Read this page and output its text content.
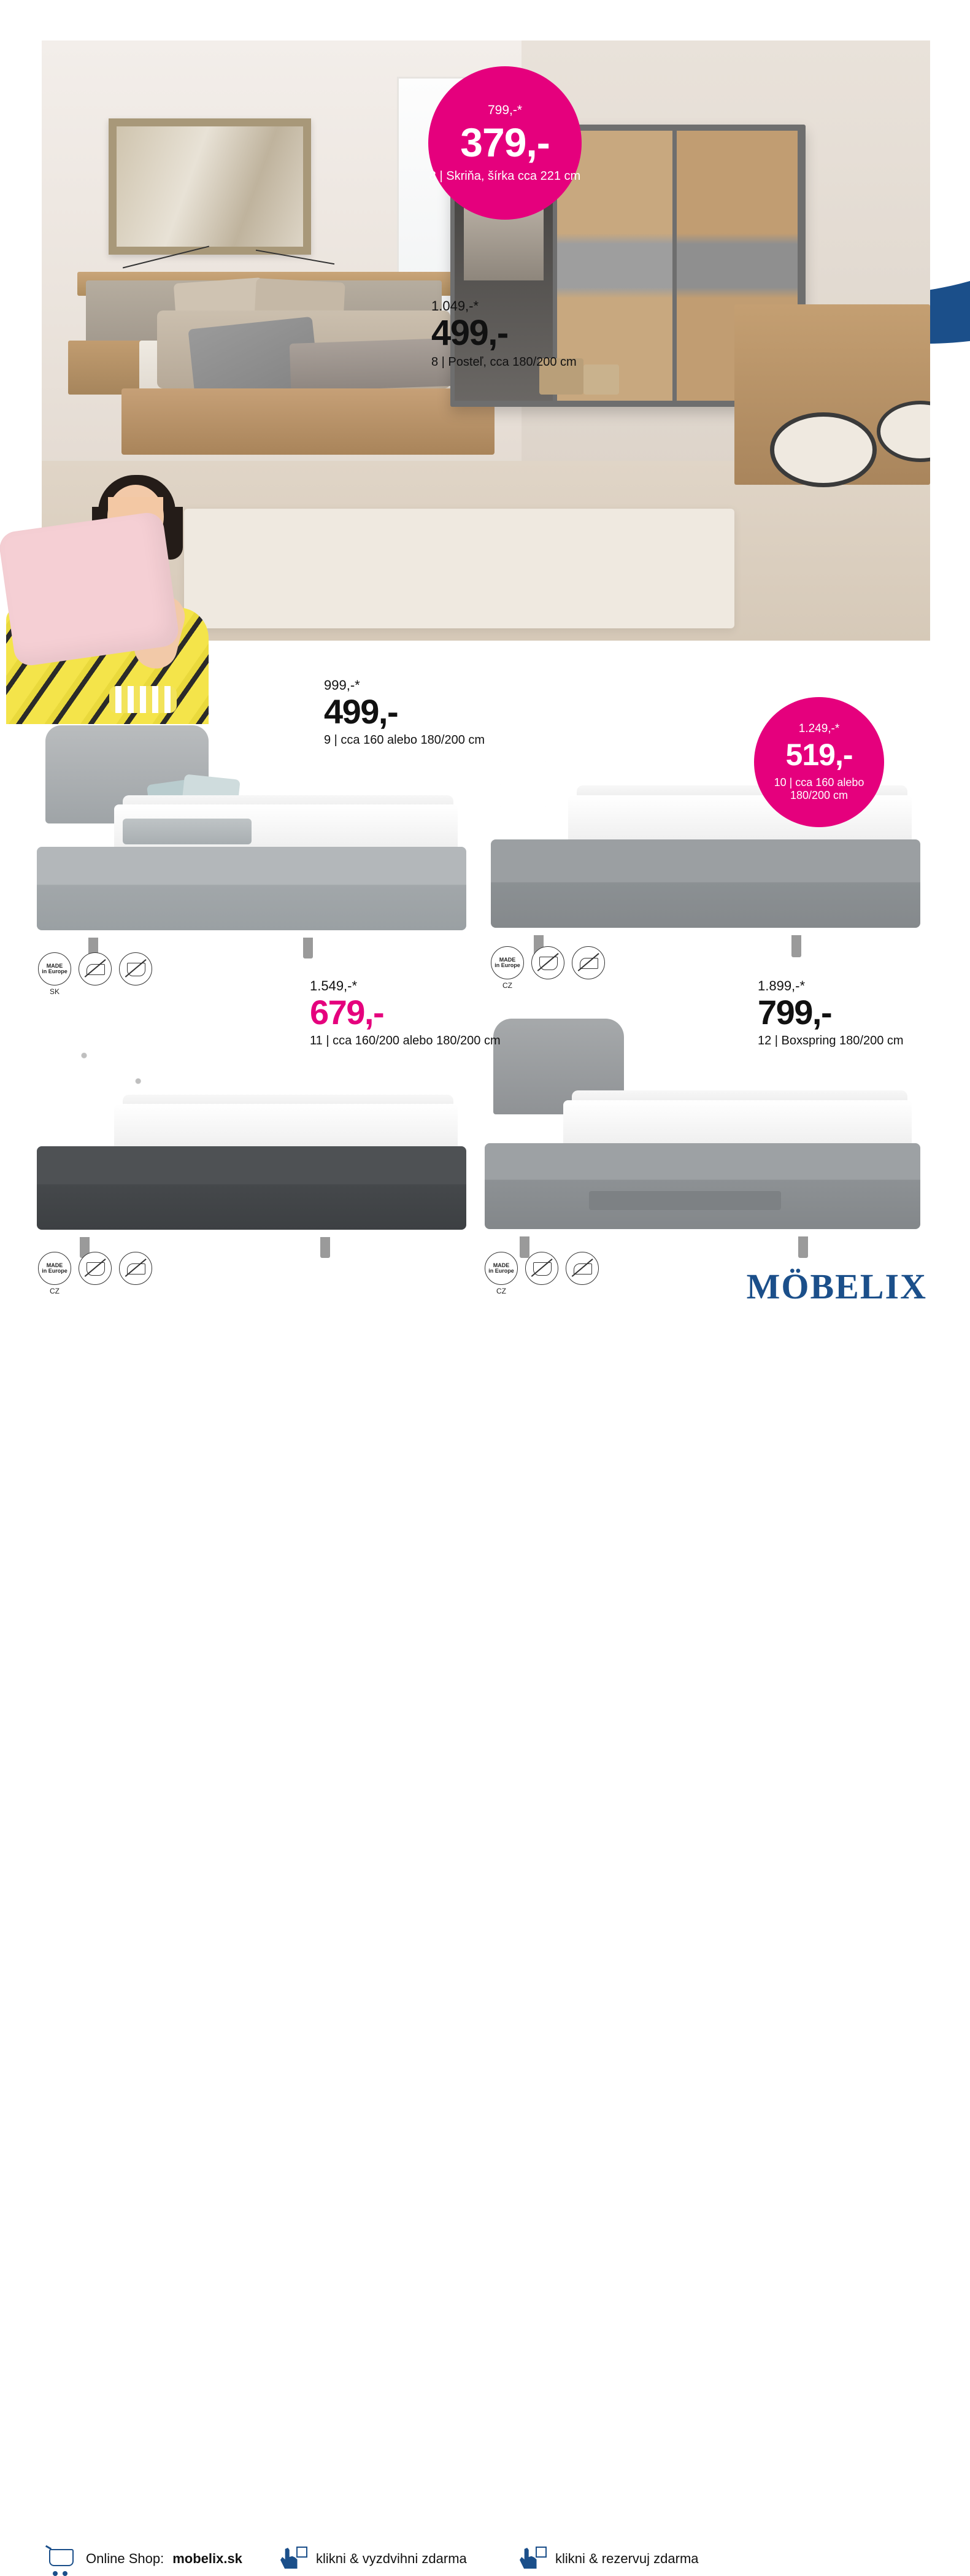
799,-*
379,-
8 | Skriňa, šírka cca 221 cm
1.049,-*
499,-
8 | Posteľ, cca 180/200 cm
999,-*
499,-
9 | cca 160 alebo 180/200 cm
MADE
in Europe
SK
1.249,-*
519,-
10 | cca 160 alebo 180/200 cm
MADE
in Europe
CZ
1.549,-*
679,-
11 | cca 160/200 alebo 180/200 cm
MADE
in Europe
CZ
1.899,-*
799,-
12 | Boxspring 180/200 cm
MADE
in Europe
CZ
Online Shop: mobelix.sk	klikni & vyzdvihni zdarma	klikni & rezervuj zdarma
MÖBELIX
